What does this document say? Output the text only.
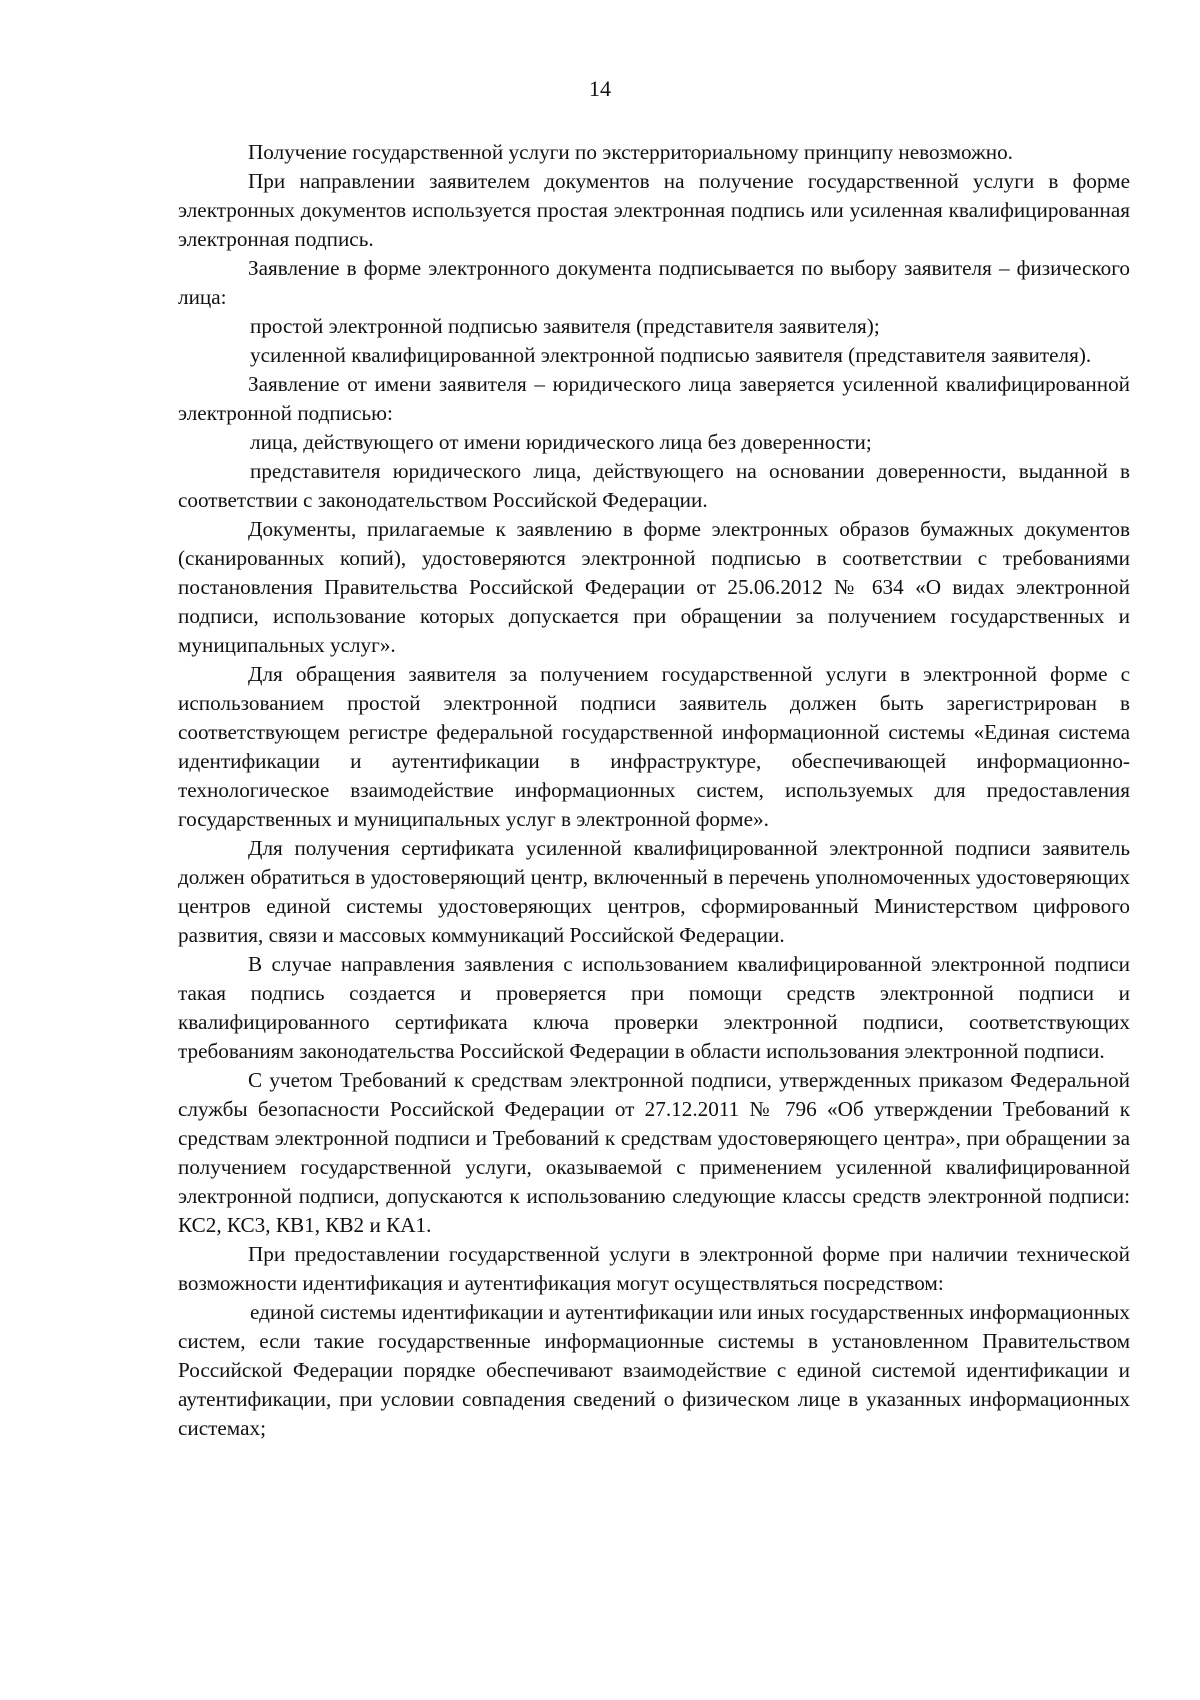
14

Получение государственной услуги по экстерриториальному принципу невозможно.

При направлении заявителем документов на получение государственной услуги в форме электронных документов используется простая электронная подпись или усиленная квалифицированная электронная подпись.

Заявление в форме электронного документа подписывается по выбору заявителя – физического лица:

простой электронной подписью заявителя (представителя заявителя);

усиленной квалифицированной электронной подписью заявителя (представителя заявителя).

Заявление от имени заявителя – юридического лица заверяется усиленной квалифицированной электронной подписью:

лица, действующего от имени юридического лица без доверенности;

представителя юридического лица, действующего на основании доверенности, выданной в соответствии с законодательством Российской Федерации.

Документы, прилагаемые к заявлению в форме электронных образов бумажных документов (сканированных копий), удостоверяются электронной подписью в соответствии с требованиями постановления Правительства Российской Федерации от 25.06.2012 № 634 «О видах электронной подписи, использование которых допускается при обращении за получением государственных и муниципальных услуг».

Для обращения заявителя за получением государственной услуги в электронной форме с использованием простой электронной подписи заявитель должен быть зарегистрирован в соответствующем регистре федеральной государственной информационной системы «Единая система идентификации и аутентификации в инфраструктуре, обеспечивающей информационно-технологическое взаимодействие информационных систем, используемых для предоставления государственных и муниципальных услуг в электронной форме».

Для получения сертификата усиленной квалифицированной электронной подписи заявитель должен обратиться в удостоверяющий центр, включенный в перечень уполномоченных удостоверяющих центров единой системы удостоверяющих центров, сформированный Министерством цифрового развития, связи и массовых коммуникаций Российской Федерации.

В случае направления заявления с использованием квалифицированной электронной подписи такая подпись создается и проверяется при помощи средств электронной подписи и квалифицированного сертификата ключа проверки электронной подписи, соответствующих требованиям законодательства Российской Федерации в области использования электронной подписи.

С учетом Требований к средствам электронной подписи, утвержденных приказом Федеральной службы безопасности Российской Федерации от 27.12.2011 № 796 «Об утверждении Требований к средствам электронной подписи и Требований к средствам удостоверяющего центра», при обращении за получением государственной услуги, оказываемой с применением усиленной квалифицированной электронной подписи, допускаются к использованию следующие классы средств электронной подписи: КС2, КС3, КВ1, КВ2 и КА1.

При предоставлении государственной услуги в электронной форме при наличии технической возможности идентификация и аутентификация могут осуществляться посредством:

единой системы идентификации и аутентификации или иных государственных информационных систем, если такие государственные информационные системы в установленном Правительством Российской Федерации порядке обеспечивают взаимодействие с единой системой идентификации и аутентификации, при условии совпадения сведений о физическом лице в указанных информационных системах;
